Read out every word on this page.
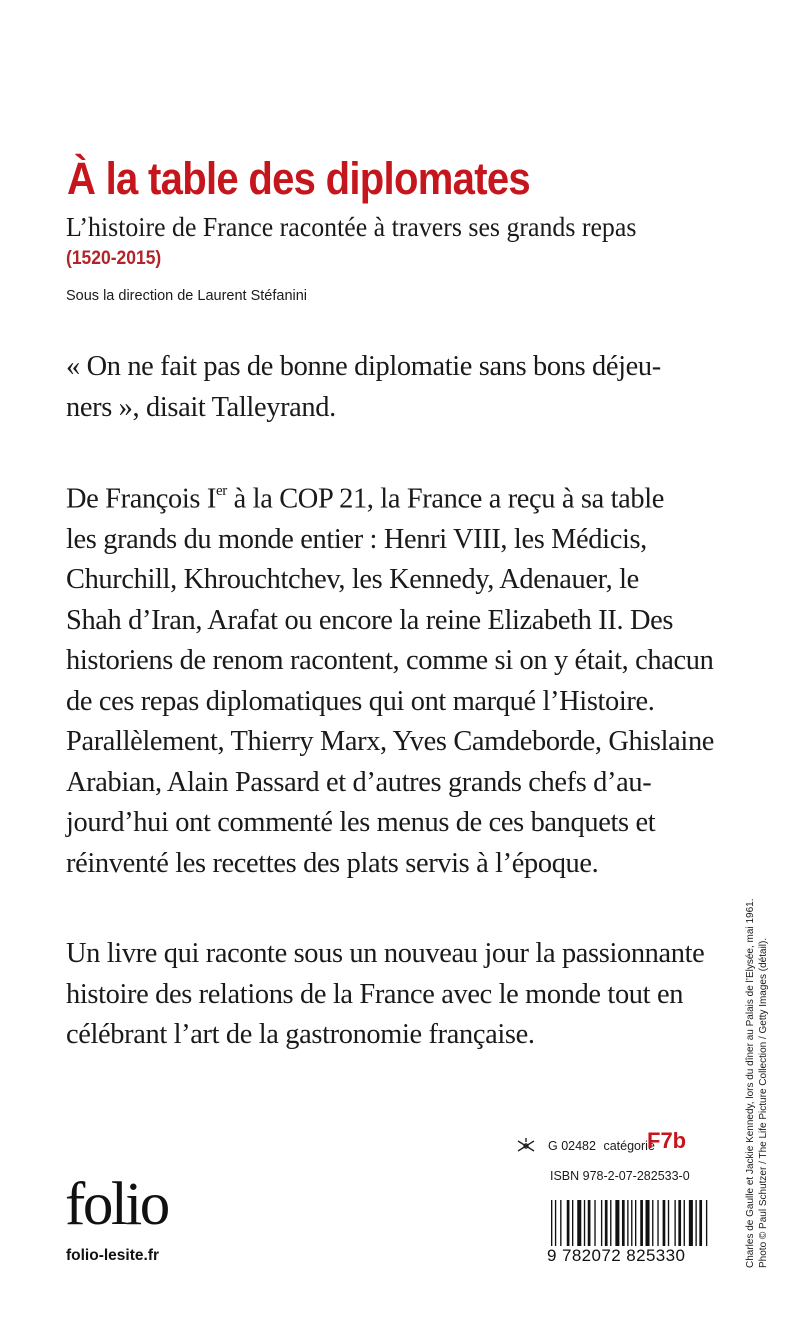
À la table des diplomates
L’histoire de France racontée à travers ses grands repas
(1520-2015)
Sous la direction de Laurent Stéfanini
« On ne fait pas de bonne diplomatie sans bons déjeu-
ners », disait Talleyrand.
De François Ier à la COP 21, la France a reçu à sa table
les grands du monde entier : Henri VIII, les Médicis,
Churchill, Khrouchtchev, les Kennedy, Adenauer, le
Shah d’Iran, Arafat ou encore la reine Elizabeth II. Des
historiens de renom racontent, comme si on y était, chacun
de ces repas diplomatiques qui ont marqué l’Histoire.
Parallèlement, Thierry Marx, Yves Camdeborde, Ghislaine
Arabian, Alain Passard et d’autres grands chefs d’au-
jourd’hui ont commenté les menus de ces banquets et
réinventé les recettes des plats servis à l’époque.
Un livre qui raconte sous un nouveau jour la passionnante
histoire des relations de la France avec le monde tout en
célébrant l’art de la gastronomie française.
G 02482 catégorie
F7b
ISBN 978-2-07-282533-0
folio
folio-lesite.fr	9 782072 825330	Charles de Gaulle et Jackie Kennedy, lors du dîner au Palais de l’Elysée, mai 1961. Photo © Paul Schutzer / The Life Picture Collection / Getty Images (détail).
